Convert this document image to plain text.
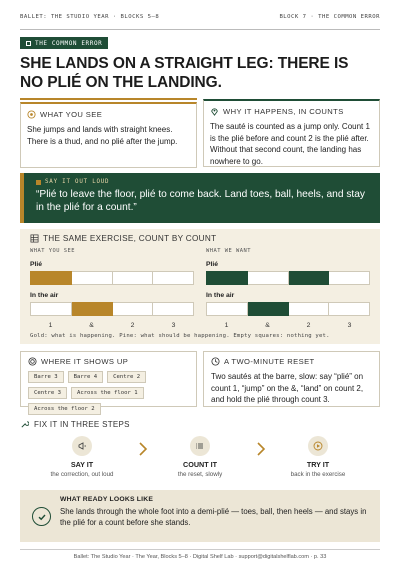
BALLET: THE STUDIO YEAR · BLOCKS 5–8	BLOCK 7 · THE COMMON ERROR
THE COMMON ERROR
SHE LANDS ON A STRAIGHT LEG: THERE IS NO PLIÉ ON THE LANDING.
WHAT YOU SEE
She jumps and lands with straight knees. There is a thud, and no plié after the jump.
WHY IT HAPPENS, IN COUNTS
The sauté is counted as a jump only. Count 1 is the plié before and count 2 is the plié after. Without that second count, the landing has nowhere to go.
SAY IT OUT LOUD
“Plié to leave the floor, plié to come back. Land toes, ball, heels, and stay in the plié for a count.”
THE SAME EXERCISE, COUNT BY COUNT
WHAT YOU SEE
Plié
In the air
1	&	2	3
WHAT WE WANT
Plié
In the air
1	&	2	3
Gold: what is happening. Pine: what should be happening. Empty squares: nothing yet.
WHERE IT SHOWS UP
Barre 3	Barre 4	Centre 2
Centre 3	Across the floor 1
Across the floor 2
A TWO-MINUTE RESET
Two sautés at the barre, slow: say “plié” on count 1, “jump” on the &, “land” on count 2, and hold the plié through count 3.
FIX IT IN THREE STEPS
SAY IT
the correction, out loud
COUNT IT
the reset, slowly
TRY IT
back in the exercise
WHAT READY LOOKS LIKE
She lands through the whole foot into a demi-plié — toes, ball, then heels — and stays in the plié for a count before she stands.
Ballet: The Studio Year · The Year, Blocks 5–8 · Digital Shelf Lab · support@digitalshelflab.com · p. 33
